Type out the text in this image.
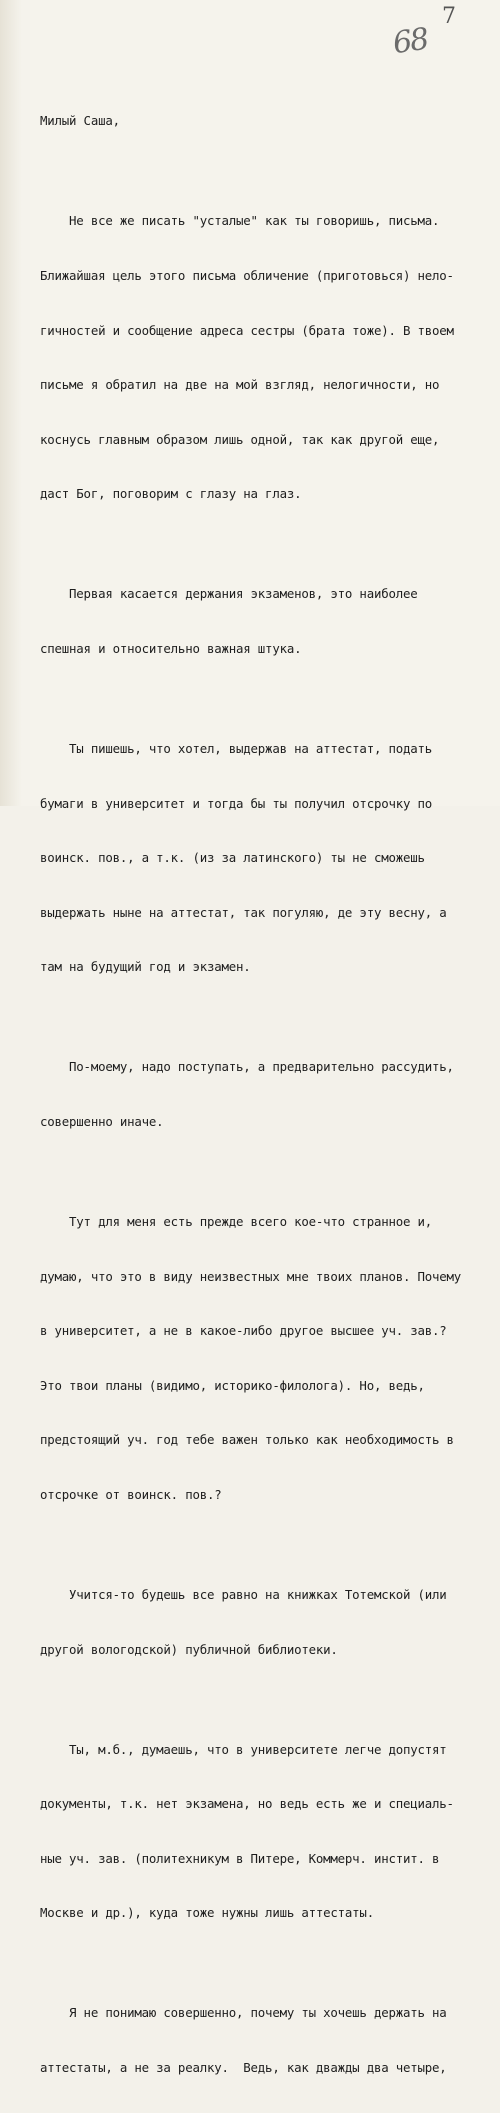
68
7

Милый Саша,

Не все же писать "усталые" как ты говоришь, письма.

Ближайшая цель этого письма обличение (приготовься) нело-

гичностей и сообщение адреса сестры (брата тоже). В твоем

письме я обратил на две на мой взгляд, нелогичности, но

коснусь главным образом лишь одной, так как другой еще,

даст Бог, поговорим с глазу на глаз.

Первая касается держания экзаменов, это наиболее

спешная и относительно важная штука.

Ты пишешь, что хотел, выдержав на аттестат, подать

бумаги в университет и тогда бы ты получил отсрочку по

воинск. пов., а т.к. (из за латинского) ты не сможешь

выдержать ныне на аттестат, так погуляю, де эту весну, а

там на будущий год и экзамен.

По-моему, надо поступать, а предварительно рассудить,

совершенно иначе.

Тут для меня есть прежде всего кое-что странное и,

думаю, что это в виду неизвестных мне твоих планов. Почему

в университет, а не в какое-либо другое высшее уч. зав.?

Это твои планы (видимо, историко-филолога). Но, ведь,

предстоящий уч. год тебе важен только как необходимость в

отсрочке от воинск. пов.?

Учится-то будешь все равно на книжках Тотемской (или

другой вологодской) публичной библиотеки.

Ты, м.б., думаешь, что в университете легче допустят

документы, т.к. нет экзамена, но ведь есть же и специаль-

ные уч. зав. (политехникум в Питере, Коммерч. инстит. в

Москве и др.), куда тоже нужны лишь аттестаты.

Я не понимаю совершенно, почему ты хочешь держать на

аттестаты, а не за реалку.  Ведь, как дважды два четыре,
